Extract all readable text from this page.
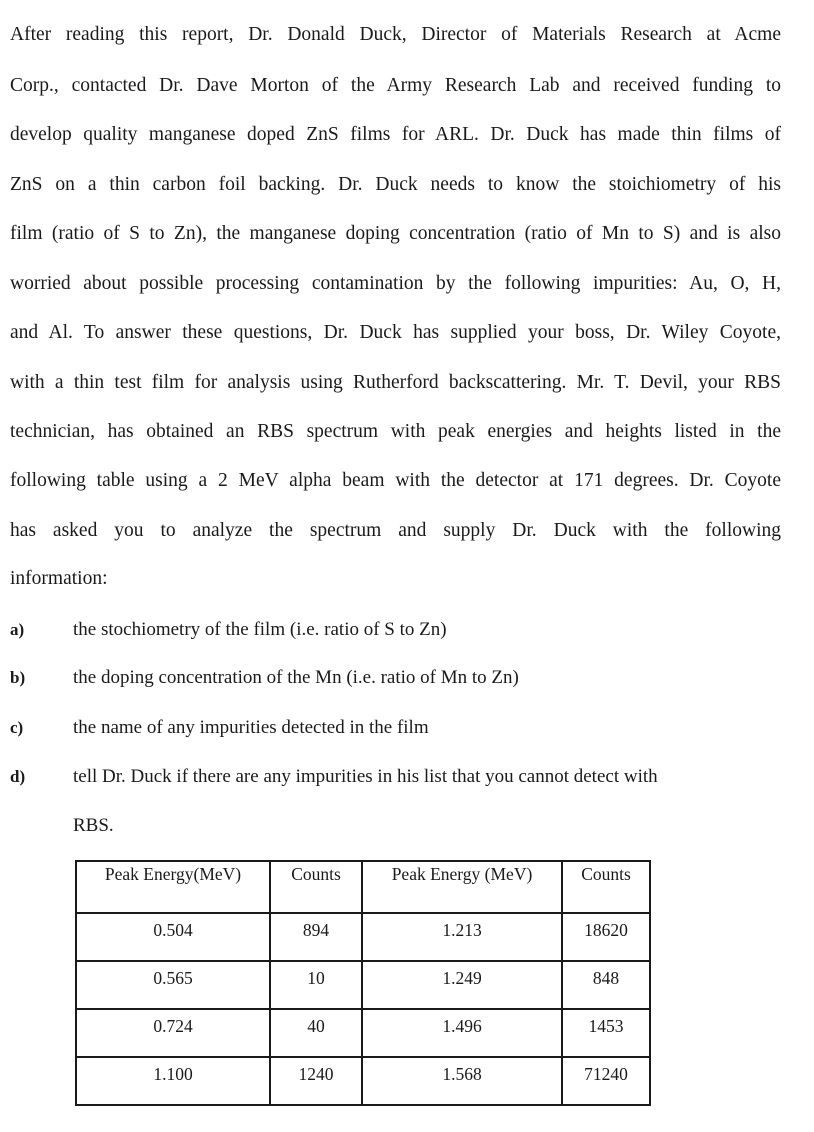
After reading this report, Dr. Donald Duck, Director of Materials Research at Acme
Corp., contacted Dr. Dave Morton of the Army Research Lab and received funding to
develop quality manganese doped ZnS films for ARL. Dr. Duck has made thin films of
ZnS on a thin carbon foil backing. Dr. Duck needs to know the stoichiometry of his
film (ratio of S to Zn), the manganese doping concentration (ratio of Mn to S) and is also
worried about possible processing contamination by the following impurities: Au, O, H,
and Al. To answer these questions, Dr. Duck has supplied your boss, Dr. Wiley Coyote,
with a thin test film for analysis using Rutherford backscattering. Mr. T. Devil, your RBS
technician, has obtained an RBS spectrum with peak energies and heights listed in the
following table using a 2 MeV alpha beam with the detector at 171 degrees. Dr. Coyote
has asked you to analyze the spectrum and supply Dr. Duck with the following
information:
a)	the stochiometry of the film (i.e. ratio of S to Zn)
b)	the doping concentration of the Mn (i.e. ratio of Mn to Zn)
c)	the name of any impurities detected in the film
d)	tell Dr. Duck if there are any impurities in his list that you cannot detect with
RBS.
Peak Energy(MeV)	Counts	Peak Energy (MeV)	Counts
0.504	894	1.213	18620
0.565	10	1.249	848
0.724	40	1.496	1453
1.100	1240	1.568	71240
